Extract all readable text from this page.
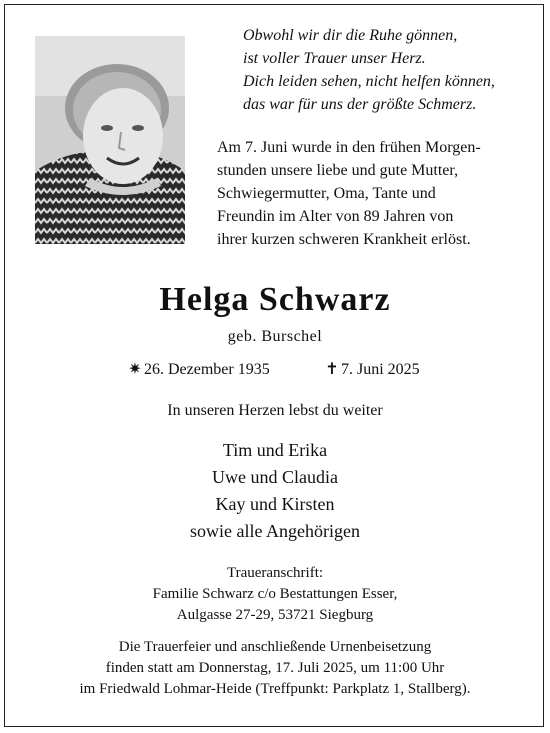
Obwohl wir dir die Ruhe gönnen,
ist voller Trauer unser Herz.
Dich leiden sehen, nicht helfen können,
das war für uns der größte Schmerz.
Am 7. Juni wurde in den frühen Morgen-
stunden unsere liebe und gute Mutter,
Schwiegermutter, Oma, Tante und
Freundin im Alter von 89 Jahren von
ihrer kurzen schweren Krankheit erlöst.
Helga Schwarz
geb. Burschel
✷ 26. Dezember 1935	✝ 7. Juni 2025
In unseren Herzen lebst du weiter
Tim und Erika
Uwe und Claudia
Kay und Kirsten
sowie alle Angehörigen
Traueranschrift:
Familie Schwarz c/o Bestattungen Esser,
Aulgasse 27-29, 53721 Siegburg
Die Trauerfeier und anschließende Urnenbeisetzung
finden statt am Donnerstag, 17. Juli 2025, um 11:00 Uhr
im Friedwald Lohmar-Heide (Treffpunkt: Parkplatz 1, Stallberg).
